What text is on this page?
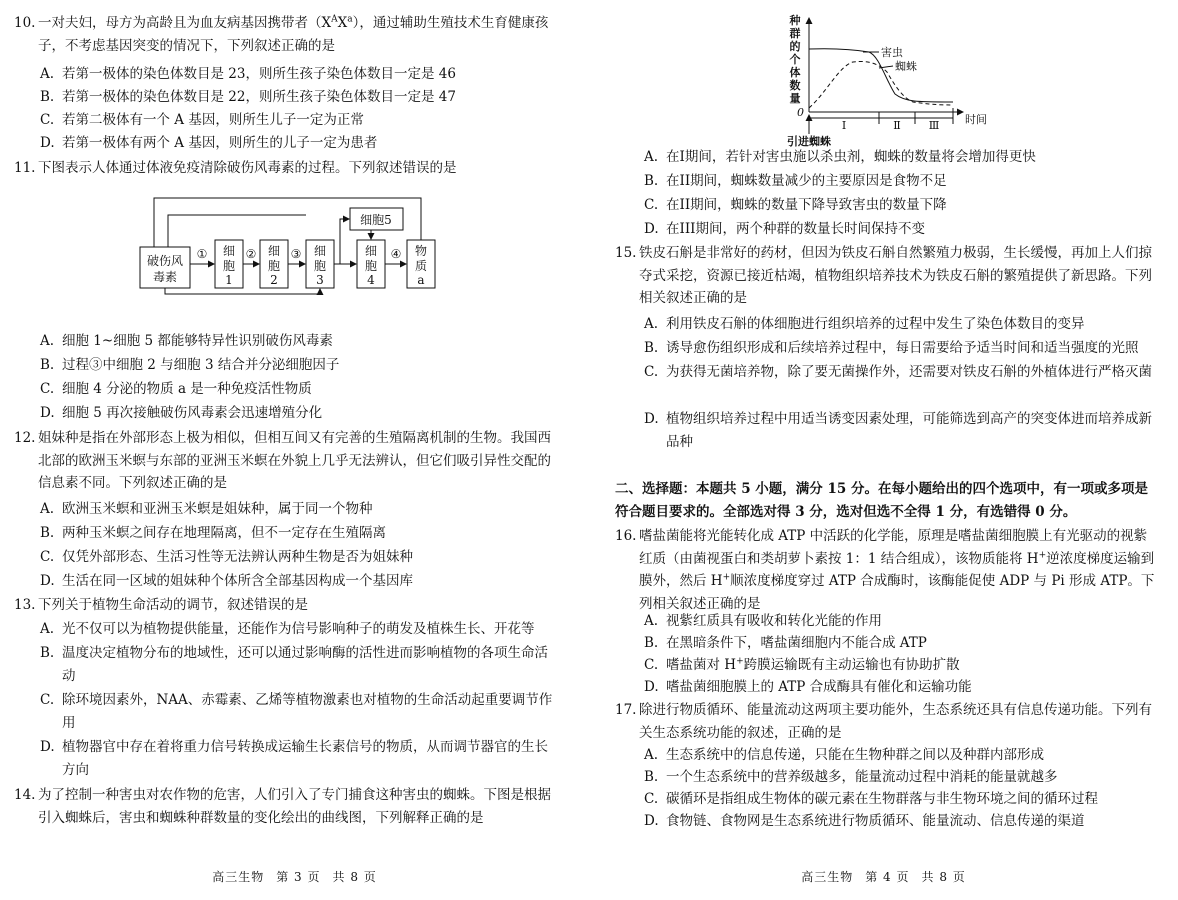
10. 一对夫妇，母方为高龄且为血友病基因携带者$(X^AX^a)$，通过辅助生殖技术生育健康孩子，不考虑基因突变的情况下，下列叙述正确的是
A. 若第一极体的染色体数目是 23，则所生孩子染色体数目一定是 46
B. 若第一极体的染色体数目是 22，则所生孩子染色体数目一定是 47
C. 若第二极体有一个 A 基因，则所生儿子一定为正常
D. 若第一极体有两个 A 基因，则所生的儿子一定为患者
11. 下图表示人体通过体液免疫清除破伤风毒素的过程。下列叙述错误的是
破伤风
毒素
①	②	③	④
细胞5
细
胞
1
细
胞
2
细
胞
3
细
胞
4
物
质
a
A. 细胞 1~细胞 5 都能够特异性识别破伤风毒素
B. 过程③中细胞 2 与细胞 3 结合并分泌细胞因子
C. 细胞 4 分泌的物质 a 是一种免疫活性物质
D. 细胞 5 再次接触破伤风毒素会迅速增殖分化
12. 姐妹种是指在外部形态上极为相似，但相互间又有完善的生殖隔离机制的生物。我国西北部的欧洲玉米螟与东部的亚洲玉米螟在外貌上几乎无法辨认，但它们吸引异性交配的信息素不同。下列叙述正确的是
A. 欧洲玉米螟和亚洲玉米螟是姐妹种，属于同一个物种
B. 两种玉米螟之间存在地理隔离，但不一定存在生殖隔离
C. 仅凭外部形态、生活习性等无法辨认两种生物是否为姐妹种
D. 生活在同一区域的姐妹种个体所含全部基因构成一个基因库
13. 下列关于植物生命活动的调节，叙述错误的是
A. 光不仅可以为植物提供能量，还能作为信号影响种子的萌发及植株生长、开花等
B. 温度决定植物分布的地域性，还可以通过影响酶的活性进而影响植物的各项生命活动
C. 除环境因素外，NAA、赤霉素、乙烯等植物激素也对植物的生命活动起重要调节作用
D. 植物器官中存在着将重力信号转换成运输生长素信号的物质，从而调节器官的生长方向
14. 为了控制一种害虫对农作物的危害，人们引入了专门捕食这种害虫的蜘蛛。下图是根据引入蜘蛛后，害虫和蜘蛛种群数量的变化绘出的曲线图，下列解释正确的是
高三生物 第 3 页 共 8 页
种
群
的
个
体
数
量
0
害虫
蜘蛛
Ⅰ	Ⅱ	Ⅲ 时间
引进蜘蛛
A. 在I期间，若针对害虫施以杀虫剂，蜘蛛的数量将会增加得更快
B. 在II期间，蜘蛛数量减少的主要原因是食物不足
C. 在II期间，蜘蛛的数量下降导致害虫的数量下降
D. 在III期间，两个种群的数量长时间保持不变
15. 铁皮石斛是非常好的药材，但因为铁皮石斛自然繁殖力极弱，生长缓慢，再加上人们掠夺式采挖，资源已接近枯竭，植物组织培养技术为铁皮石斛的繁殖提供了新思路。下列相关叙述正确的是
A. 利用铁皮石斛的体细胞进行组织培养的过程中发生了染色体数目的变异
B. 诱导愈伤组织形成和后续培养过程中，每日需要给予适当时间和适当强度的光照
C. 为获得无菌培养物，除了要无菌操作外，还需要对铁皮石斛的外植体进行严格灭菌
D. 植物组织培养过程中用适当诱变因素处理，可能筛选到高产的突变体进而培养成新品种
二、选择题：本题共 5 小题，满分 15 分。在每小题给出的四个选项中，有一项或多项是符合题目要求的。全部选对得 3 分，选对但选不全得 1 分，有选错得 0 分。
16. 嗜盐菌能将光能转化成 ATP 中活跃的化学能，原理是嗜盐菌细胞膜上有光驱动的视紫红质（由菌视蛋白和类胡萝卜素按 1：1 结合组成），该物质能将 H+逆浓度梯度运输到膜外，然后 H+顺浓度梯度穿过 ATP 合成酶时，该酶能促使 ADP 与 Pi 形成 ATP。下列相关叙述正确的是
A. 视紫红质具有吸收和转化光能的作用
B. 在黑暗条件下，嗜盐菌细胞内不能合成 ATP
C. 嗜盐菌对 H+跨膜运输既有主动运输也有协助扩散
D. 嗜盐菌细胞膜上的 ATP 合成酶具有催化和运输功能
17. 除进行物质循环、能量流动这两项主要功能外，生态系统还具有信息传递功能。下列有关生态系统功能的叙述，正确的是
A. 生态系统中的信息传递，只能在生物种群之间以及种群内部形成
B. 一个生态系统中的营养级越多，能量流动过程中消耗的能量就越多
C. 碳循环是指组成生物体的碳元素在生物群落与非生物环境之间的循环过程
D. 食物链、食物网是生态系统进行物质循环、能量流动、信息传递的渠道
高三生物 第 4 页 共 8 页
